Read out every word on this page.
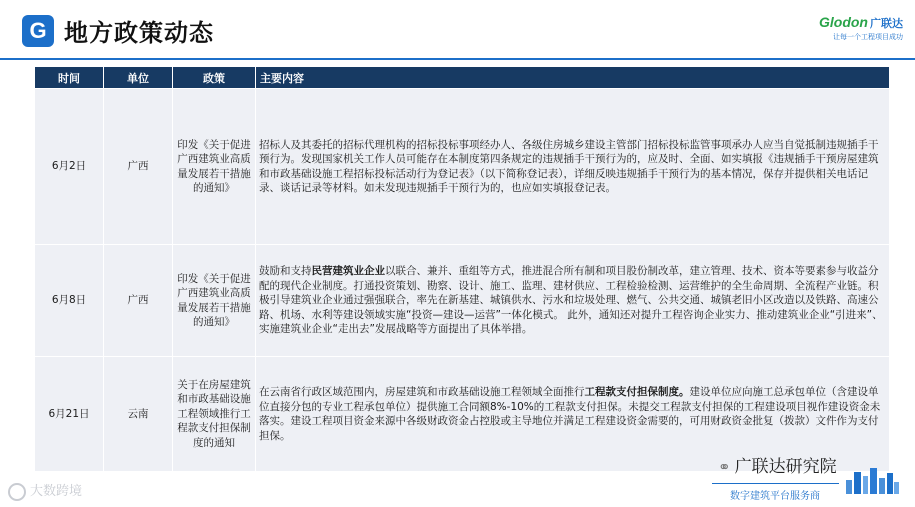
G 地方政策动态	Glodon 广联达
让每一个工程项目成功
时间	单位	政策	主要内容
6月2日	广西	印发《关于促进广西建筑业高质量发展若干措施的通知》	招标人及其委托的招标代理机构的招标投标事项经办人、各级住房城乡建设主管部门招标投标监管事项承办人应当自觉抵制违规插手干预行为。发现国家机关工作人员可能存在本制度第四条规定的违规插手干预行为的，应及时、全面、如实填报《违规插手干预房屋建筑和市政基础设施工程招标投标活动行为登记表》（以下简称登记表），详细反映违规插手干预行为的基本情况，保存并提供相关电话记录、谈话记录等材料。如未发现违规插手干预行为的，也应如实填报登记表。
6月8日	广西	印发《关于促进广西建筑业高质量发展若干措施的通知》	鼓励和支持民营建筑业企业以联合、兼并、重组等方式，推进混合所有制和项目股份制改革，建立管理、技术、资本等要素参与收益分配的现代企业制度。打通投资策划、勘察、设计、施工、监理、建材供应、工程检验检测、运营维护的全生命周期、全流程产业链。积极引导建筑业企业通过强强联合，率先在新基建、城镇供水、污水和垃圾处理、燃气、公共交通、城镇老旧小区改造以及铁路、高速公路、机场、水利等建设领域实施“投资—建设—运营”一体化模式。 此外，通知还对提升工程咨询企业实力、推动建筑业企业“引进来”、实施建筑业企业“走出去”发展战略等方面提出了具体举措。
6月21日	云南	关于在房屋建筑和市政基础设施工程领域推行工程款支付担保制度的通知	在云南省行政区域范围内，房屋建筑和市政基础设施工程领域全面推行工程款支付担保制度。建设单位应向施工总承包单位（含建设单位直接分包的专业工程承包单位）提供施工合同额8%-10%的工程款支付担保。未提交工程款支付担保的工程建设项目视作建设资金未落实。建设工程项目资金来源中各级财政资金占控股或主导地位并满足工程建设资金需要的，可用财政资金批复（拨款）文件作为支付担保。
大数跨境
⚭ 广联达研究院
数字建筑平台服务商
